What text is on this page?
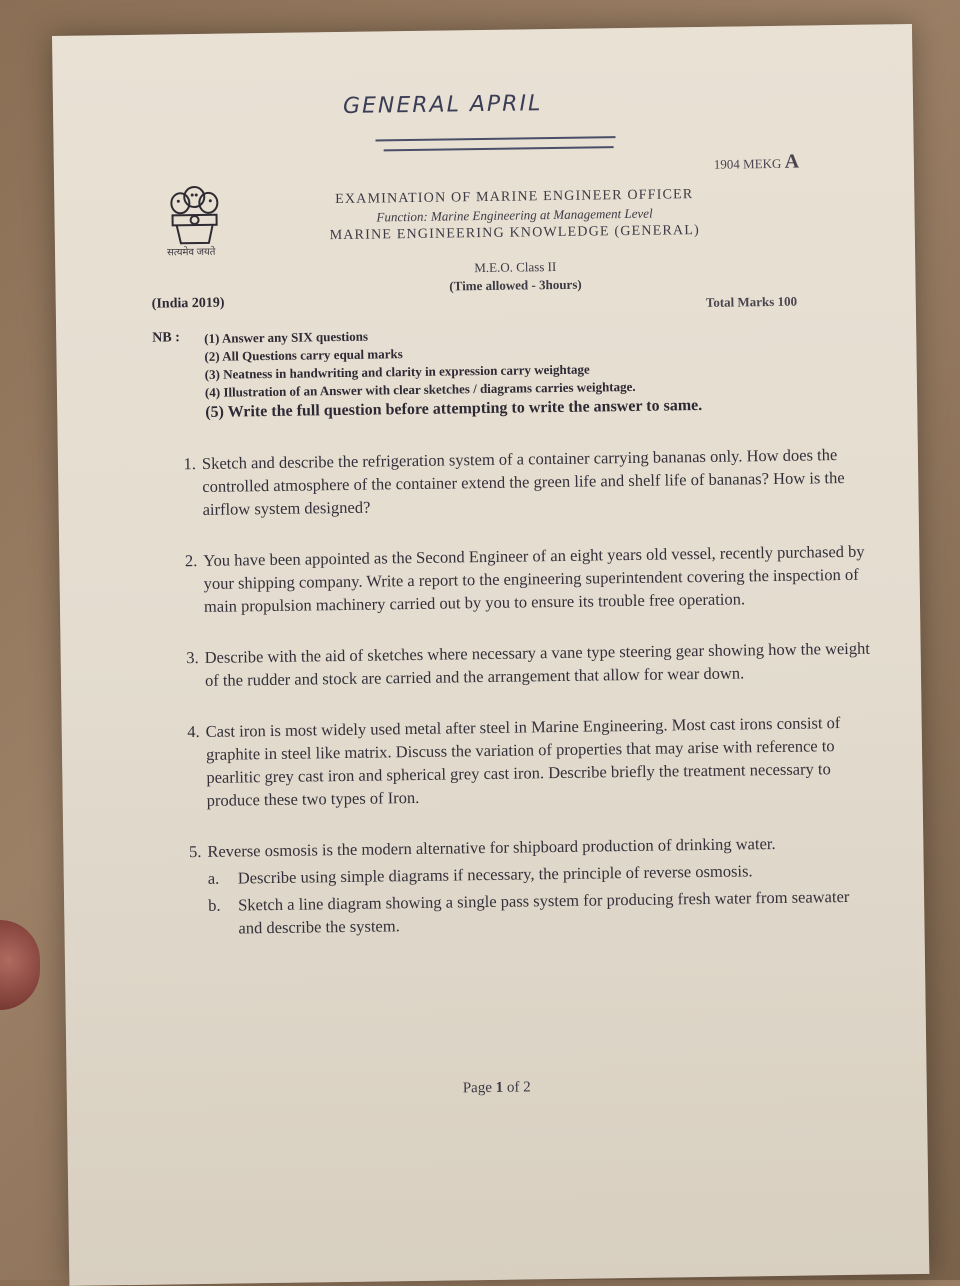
GENERAL APRIL
1904 MEKG A
सत्यमेव जयते
EXAMINATION OF MARINE ENGINEER OFFICER
Function: Marine Engineering at Management Level
MARINE ENGINEERING KNOWLEDGE (GENERAL)
M.E.O. Class II
(Time allowed - 3hours)
(India 2019)	Total Marks 100
NB : (1) Answer any SIX questions
(2) All Questions carry equal marks
(3) Neatness in handwriting and clarity in expression carry weightage
(4) Illustration of an Answer with clear sketches / diagrams carries weightage.
(5) Write the full question before attempting to write the answer to same.
1. Sketch and describe the refrigeration system of a container carrying bananas only. How does the controlled atmosphere of the container extend the green life and shelf life of bananas? How is the airflow system designed?
2. You have been appointed as the Second Engineer of an eight years old vessel, recently purchased by your shipping company. Write a report to the engineering superintendent covering the inspection of main propulsion machinery carried out by you to ensure its trouble free operation.
3. Describe with the aid of sketches where necessary a vane type steering gear showing how the weight of the rudder and stock are carried and the arrangement that allow for wear down.
4. Cast iron is most widely used metal after steel in Marine Engineering. Most cast irons consist of graphite in steel like matrix. Discuss the variation of properties that may arise with reference to pearlitic grey cast iron and spherical grey cast iron. Describe briefly the treatment necessary to produce these two types of Iron.
5. Reverse osmosis is the modern alternative for shipboard production of drinking water.
a. Describe using simple diagrams if necessary, the principle of reverse osmosis.
b. Sketch a line diagram showing a single pass system for producing fresh water from seawater and describe the system.
Page 1 of 2
